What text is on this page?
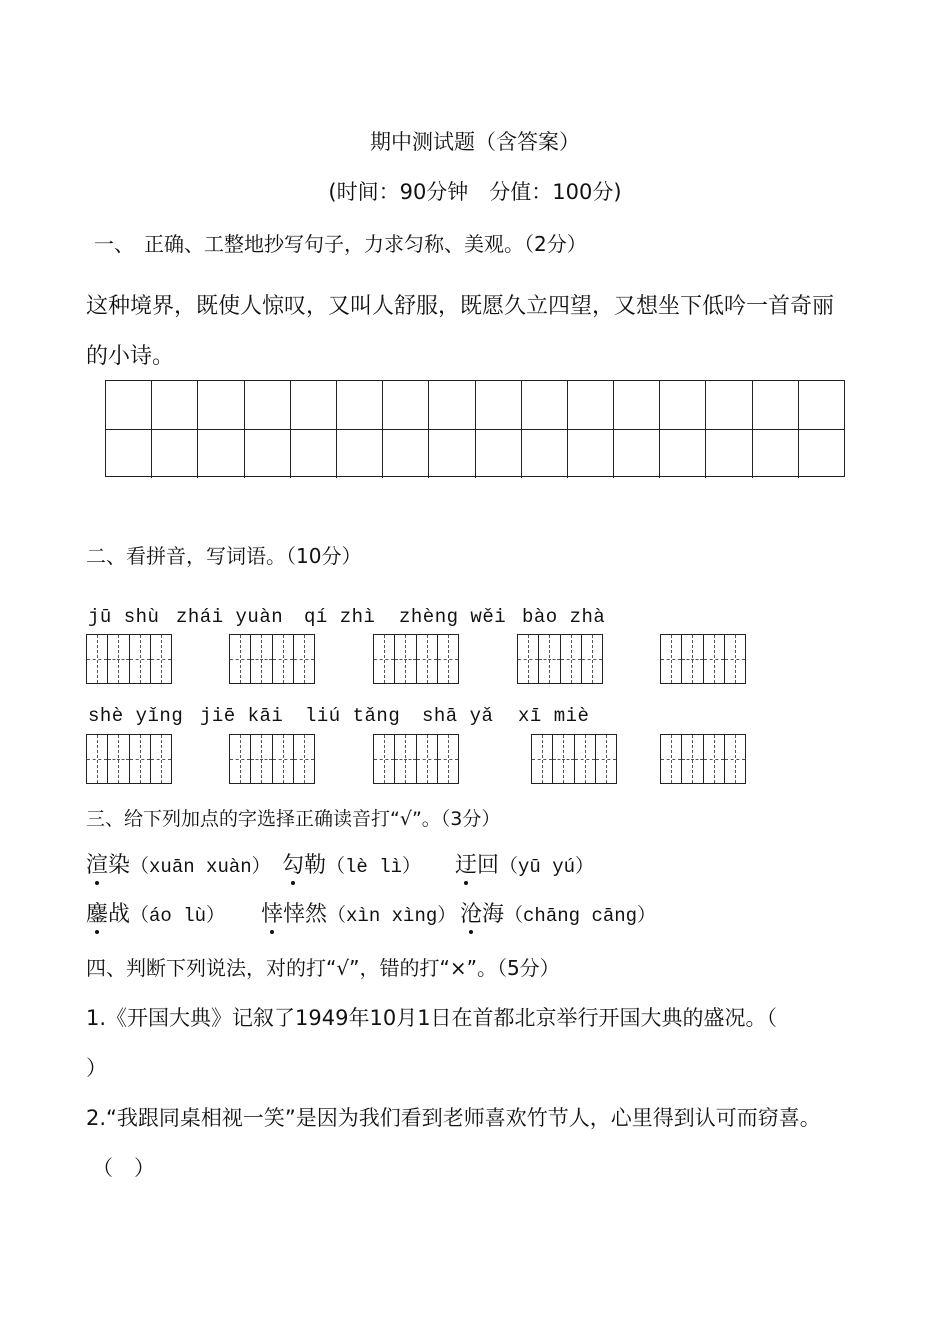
期中测试题（含答案）
(时间：90分钟　分值：100分)
一、　正确、工整地抄写句子，力求匀称、美观。（2分）
这种境界，既使人惊叹，又叫人舒服，既愿久立四望，又想坐下低吟一首奇丽
的小诗。
二、看拼音，写词语。（10分）
jū shù zhái yuàn qí zhì zhèng wěi bào zhà
shè yǐng jiē kāi liú tǎng shā yǎ xī miè
三、给下列加点的字选择正确读音打“√”。（3分）
渲染（xuān xuàn） 勾勒（lè lì） 迂回（yū yú）
鏖战（áo lù） 悻悻然（xìn xìng） 沧海（chāng cāng）
四、判断下列说法，对的打“√”，错的打“×”。（5分）
1.《开国大典》记叙了1949年10月1日在首都北京举行开国大典的盛况。（
）
2.“我跟同桌相视一笑”是因为我们看到老师喜欢竹节人，心里得到认可而窃喜。
（　）
